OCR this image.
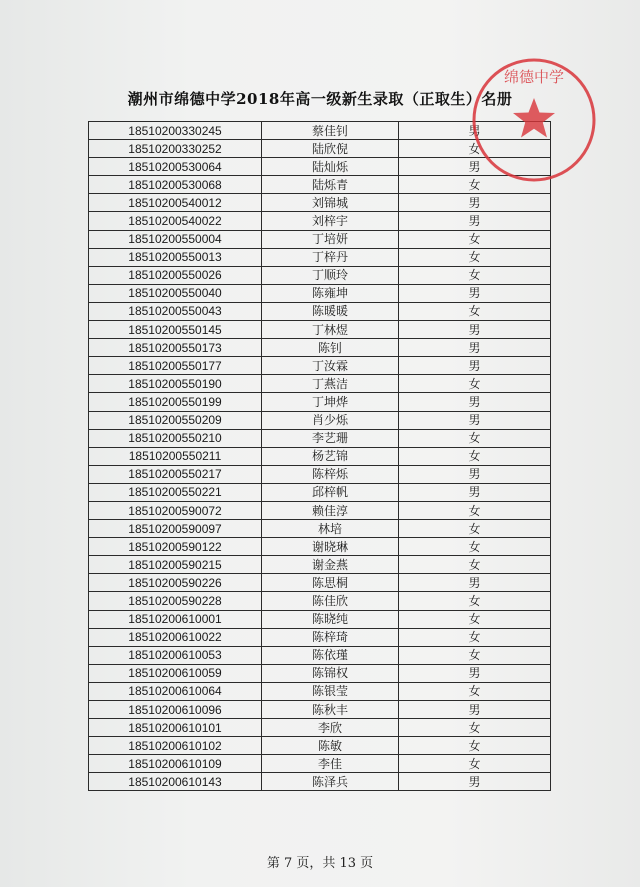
潮州市绵德中学2018年高一级新生录取（正取生）名册
18510200330245	蔡佳钊	男
18510200330252	陆欣倪	女
18510200530064	陆灿烁	男
18510200530068	陆烁青	女
18510200540012	刘锦城	男
18510200540022	刘梓宇	男
18510200550004	丁培妍	女
18510200550013	丁梓丹	女
18510200550026	丁顺玲	女
18510200550040	陈雍坤	男
18510200550043	陈暖暖	女
18510200550145	丁林煜	男
18510200550173	陈钊	男
18510200550177	丁汝霖	男
18510200550190	丁燕洁	女
18510200550199	丁坤烨	男
18510200550209	肖少烁	男
18510200550210	李艺珊	女
18510200550211	杨艺锦	女
18510200550217	陈梓烁	男
18510200550221	邱梓帆	男
18510200590072	赖佳淳	女
18510200590097	林培	女
18510200590122	谢晓琳	女
18510200590215	谢金燕	女
18510200590226	陈思桐	男
18510200590228	陈佳欣	女
18510200610001	陈晓纯	女
18510200610022	陈梓琦	女
18510200610053	陈依瑾	女
18510200610059	陈锦权	男
18510200610064	陈银莹	女
18510200610096	陈秋丰	男
18510200610101	李欣	女
18510200610102	陈敏	女
18510200610109	李佳	女
18510200610143	陈泽兵	男
绵德中学
第 7 页，共 13 页
